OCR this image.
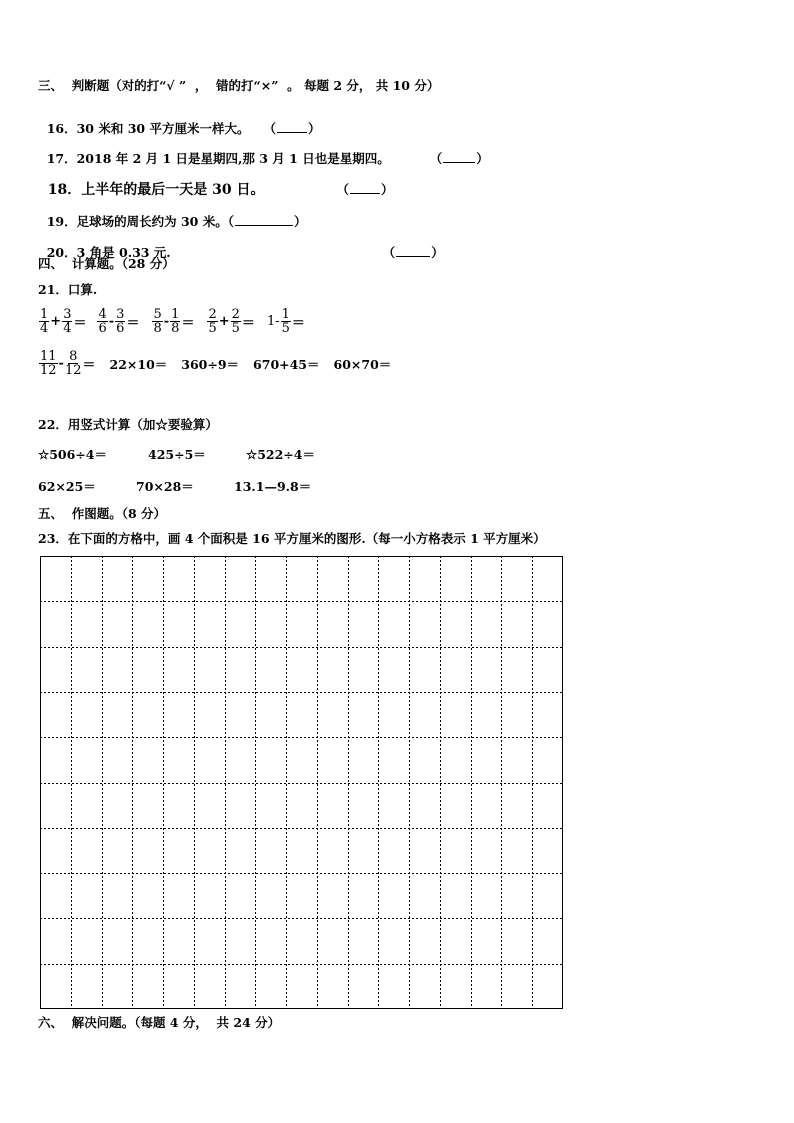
三、  判断题（对的打“√ ”  ，  错的打“×”  。 每题 2 分， 共 10 分）

16．30 米和 30 平方厘米一样大。 （	）

17．2018 年 2 月 1 日是星期四,那 3 月 1 日也是星期四。	（	）

18．上半年的最后一天是 30 日。	（	）

19．足球场的周长约为 30 米。（	）

20．3 角是 0.33 元.	（	）

四、  计算题。（28 分）
21．口算.
$\frac{1}{4} + \frac{3}{4} = \frac{4}{6} - \frac{3}{6} = \frac{5}{8} - \frac{1}{8} = \frac{2}{5} + \frac{2}{5} = 1- \frac{1}{5}$ ＝
$\frac{11}{12} - \frac{8}{12} = 22\times 10= 360\div 9= 670+45= 60\times 70=$
22．用竖式计算（加☆要验算）
☆506÷4＝	425÷5＝	☆522÷4＝
62×25＝	70×28＝	13.1—9.8＝
五、  作图题。（8 分）
23．在下面的方格中，画 4 个面积是 16 平方厘米的图形.（每一小方格表示 1 平方厘米）
六、  解决问题。（每题 4 分，  共 24 分）
